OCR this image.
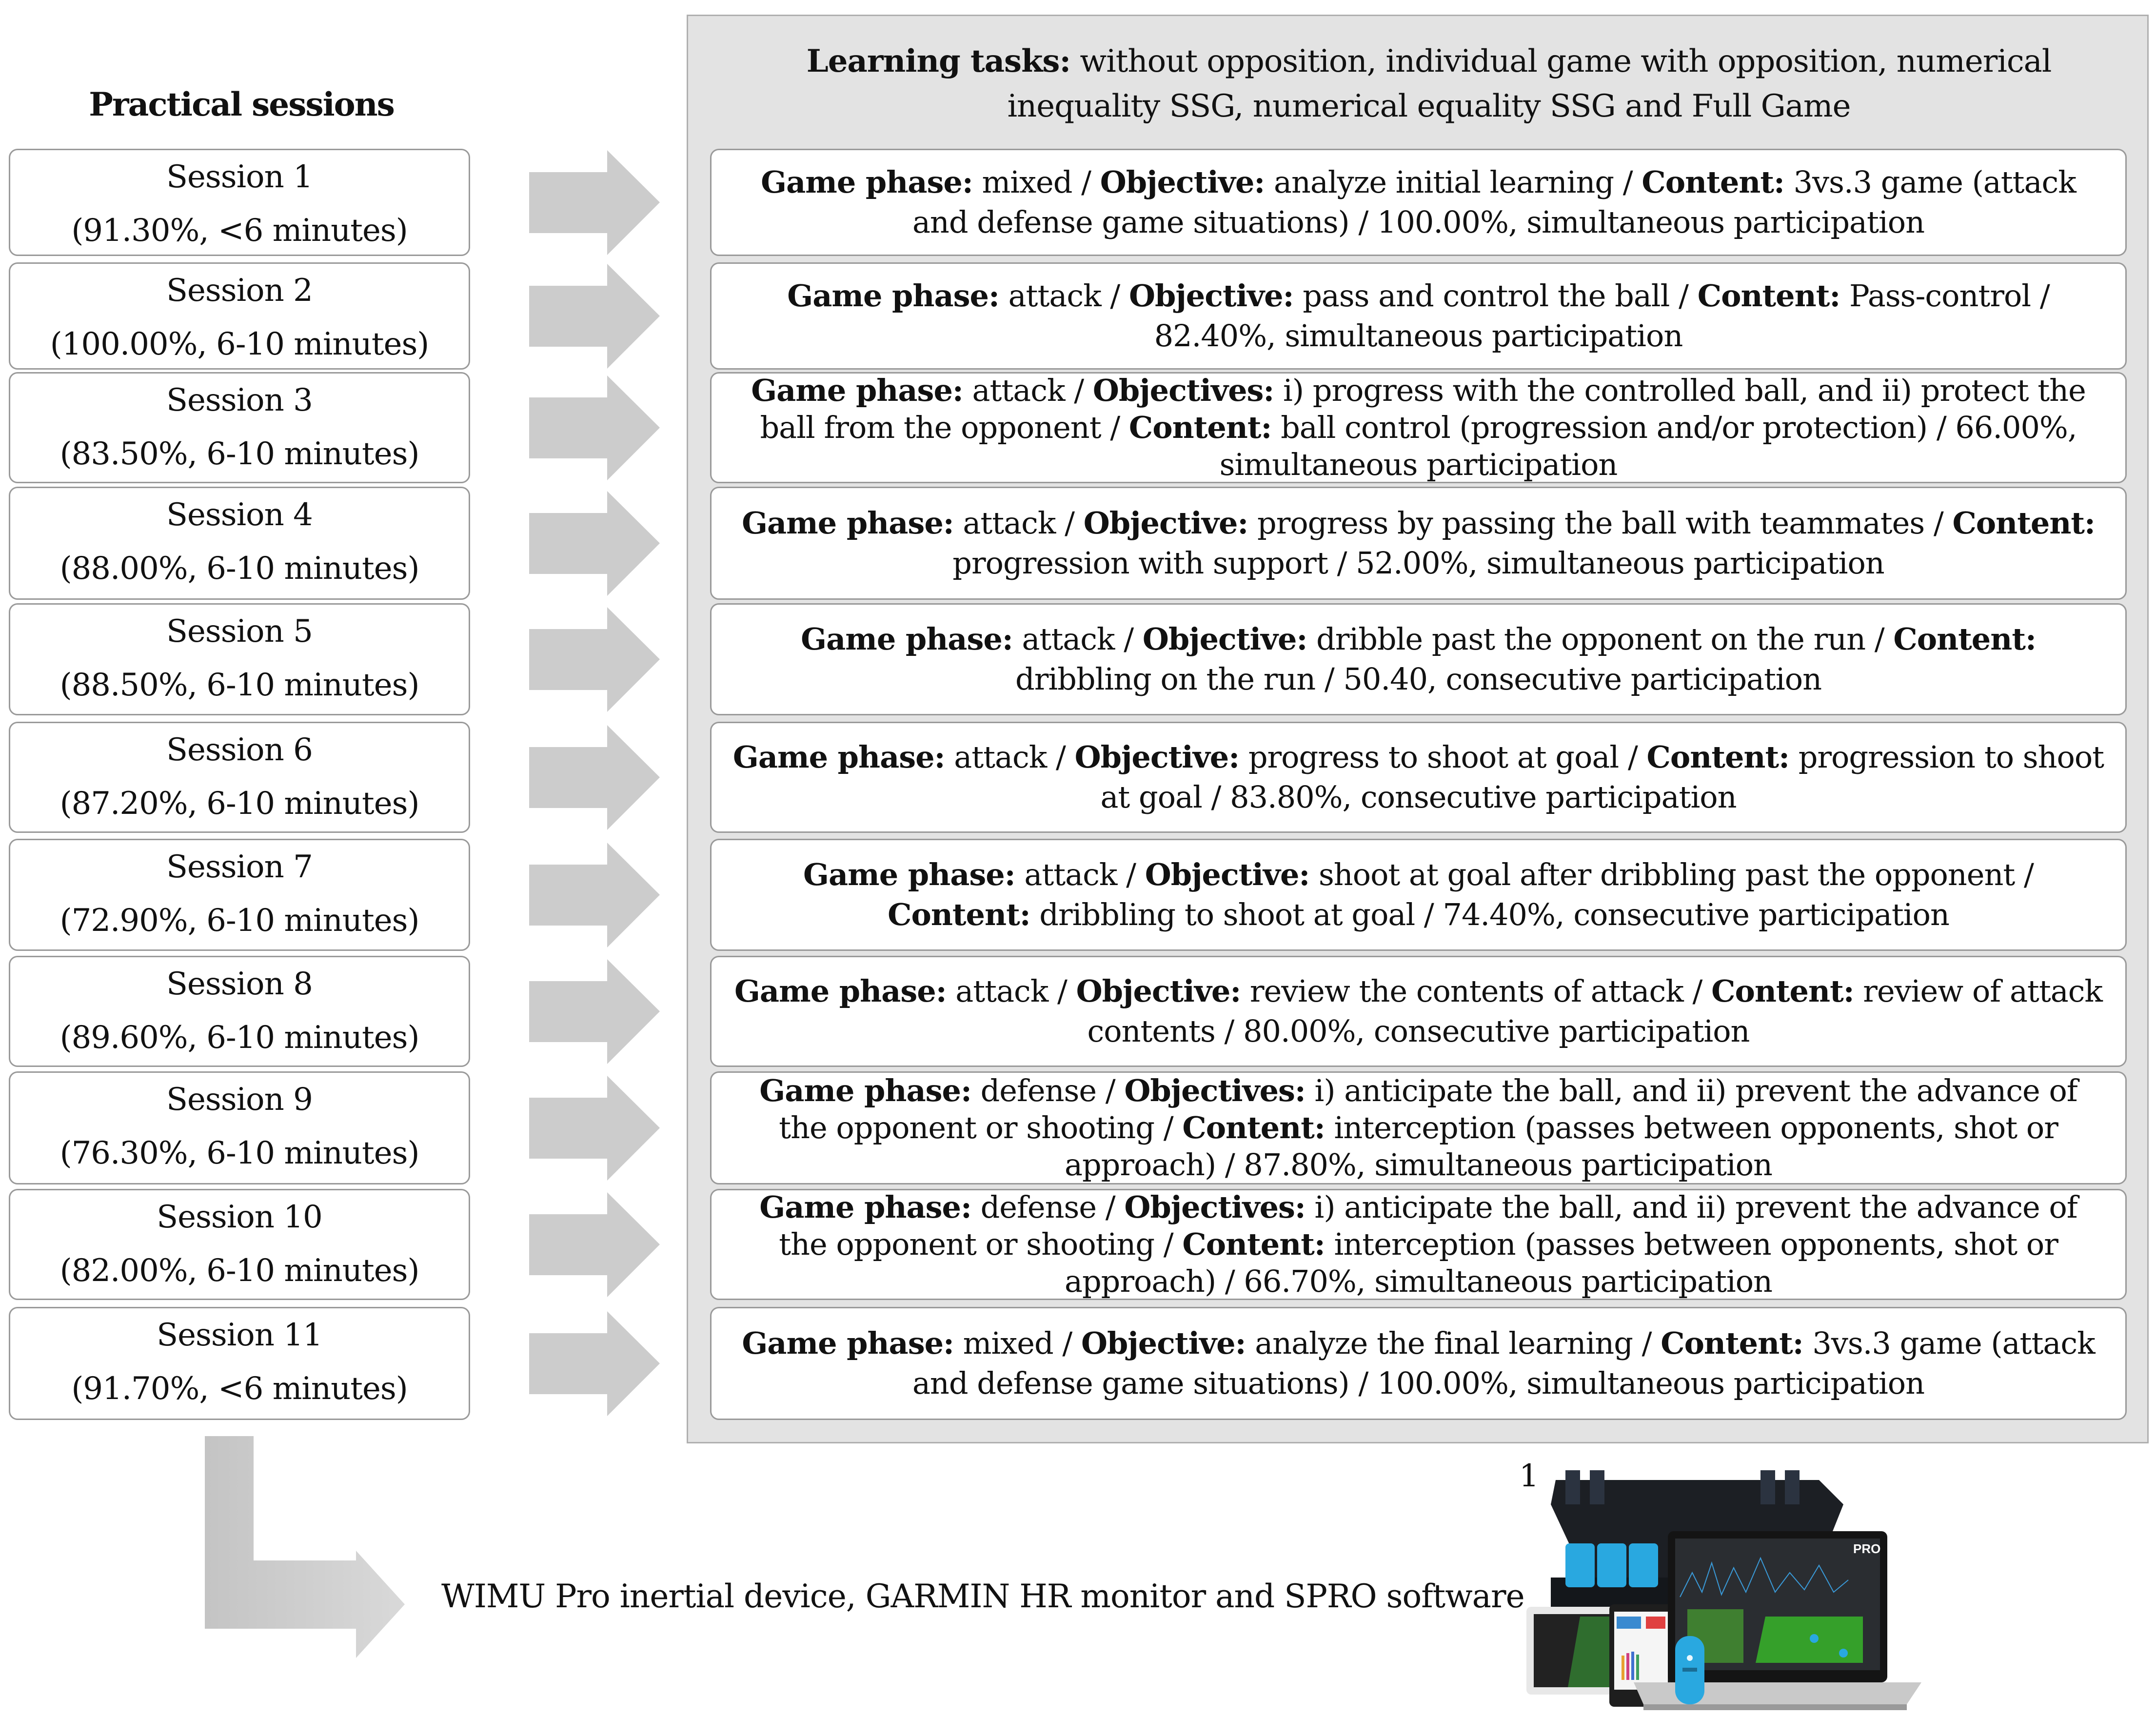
Practical sessions
Learning tasks: without opposition, individual game with opposition, numerical inequality SSG, numerical equality SSG and Full Game
Session 1
(91.30%, <6 minutes)
Game phase: mixed / Objective: analyze initial learning / Content: 3vs.3 game (attack and defense game situations) / 100.00%, simultaneous participation
Session 2
(100.00%, 6-10 minutes)
Game phase: attack / Objective: pass and control the ball / Content: Pass-control / 82.40%, simultaneous participation
Session 3
(83.50%, 6-10 minutes)
Game phase: attack / Objectives: i) progress with the controlled ball, and ii) protect the ball from the opponent / Content: ball control (progression and/or protection) / 66.00%, simultaneous participation
Session 4
(88.00%, 6-10 minutes)
Game phase: attack / Objective: progress by passing the ball with teammates / Content: progression with support / 52.00%, simultaneous participation
Session 5
(88.50%, 6-10 minutes)
Game phase: attack / Objective: dribble past the opponent on the run / Content: dribbling on the run / 50.40, consecutive participation
Session 6
(87.20%, 6-10 minutes)
Game phase: attack / Objective: progress to shoot at goal / Content: progression to shoot at goal / 83.80%, consecutive participation
Session 7
(72.90%, 6-10 minutes)
Game phase: attack / Objective: shoot at goal after dribbling past the opponent / Content: dribbling to shoot at goal / 74.40%, consecutive participation
Session 8
(89.60%, 6-10 minutes)
Game phase: attack / Objective: review the contents of attack / Content: review of attack contents / 80.00%, consecutive participation
Session 9
(76.30%, 6-10 minutes)
Game phase: defense / Objectives: i) anticipate the ball, and ii) prevent the advance of the opponent or shooting / Content: interception (passes between opponents, shot or approach) / 87.80%, simultaneous participation
Session 10
(82.00%, 6-10 minutes)
Game phase: defense / Objectives: i) anticipate the ball, and ii) prevent the advance of the opponent or shooting / Content: interception (passes between opponents, shot or approach) / 66.70%, simultaneous participation
Session 11
(91.70%, <6 minutes)
Game phase: mixed / Objective: analyze the final learning / Content: 3vs.3 game (attack and defense game situations) / 100.00%, simultaneous participation
WIMU Pro inertial device, GARMIN HR monitor and SPRO software
1
PRO
